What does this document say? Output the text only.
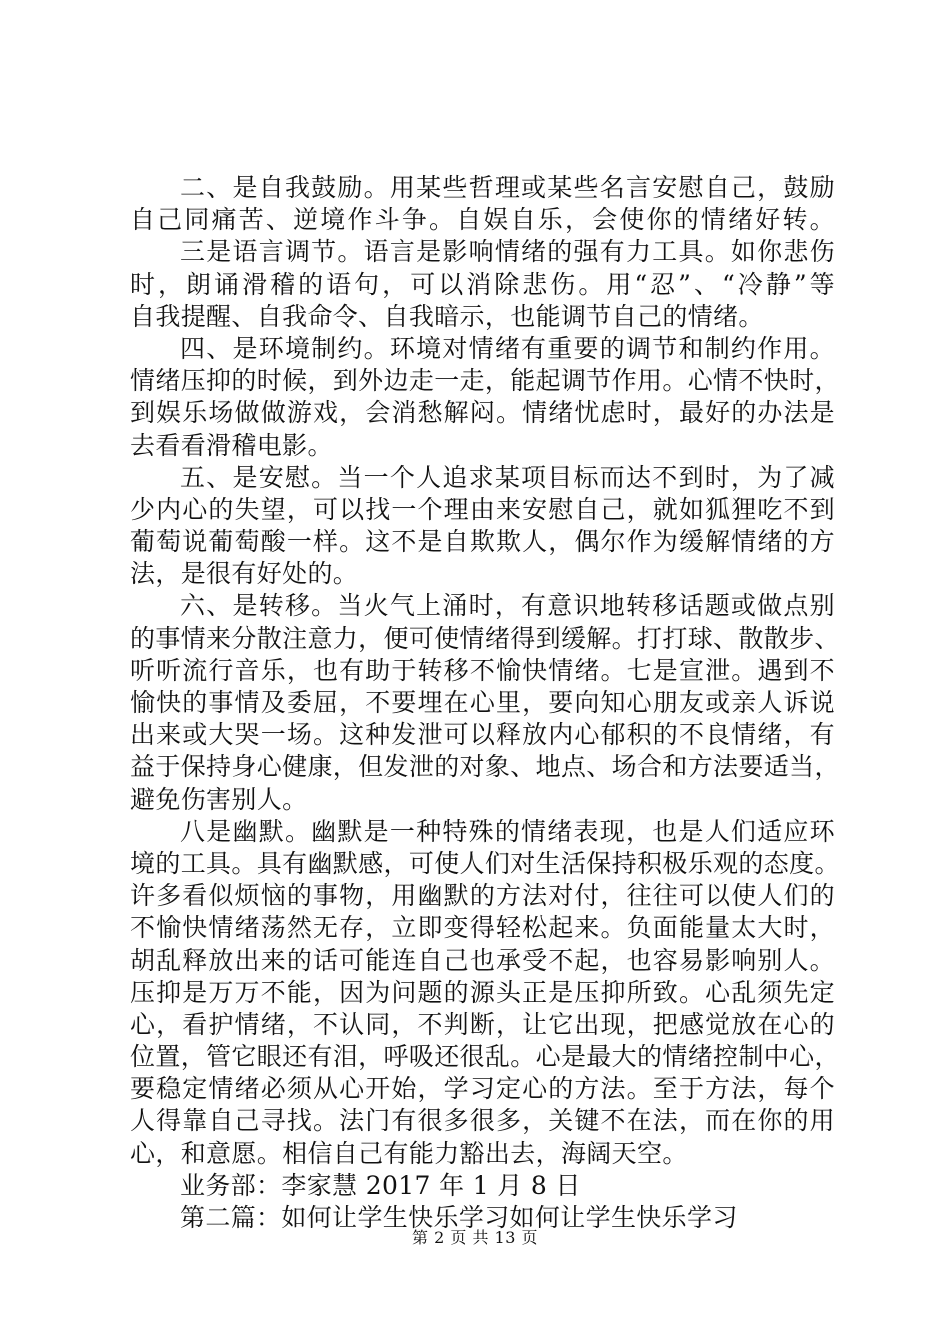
二、是自我鼓励。用某些哲理或某些名言安慰自己，鼓励
自己同痛苦、逆境作斗争。自娱自乐，会使你的情绪好转。
三是语言调节。语言是影响情绪的强有力工具。如你悲伤
时，朗诵滑稽的语句，可以消除悲伤。用“忍”、“冷静”等
自我提醒、自我命令、自我暗示，也能调节自己的情绪。
四、是环境制约。环境对情绪有重要的调节和制约作用。
情绪压抑的时候，到外边走一走，能起调节作用。心情不快时，
到娱乐场做做游戏，会消愁解闷。情绪忧虑时，最好的办法是
去看看滑稽电影。
五、是安慰。当一个人追求某项目标而达不到时，为了减
少内心的失望，可以找一个理由来安慰自己，就如狐狸吃不到
葡萄说葡萄酸一样。这不是自欺欺人，偶尔作为缓解情绪的方
法，是很有好处的。
六、是转移。当火气上涌时，有意识地转移话题或做点别
的事情来分散注意力，便可使情绪得到缓解。打打球、散散步、
听听流行音乐，也有助于转移不愉快情绪。七是宣泄。遇到不
愉快的事情及委屈，不要埋在心里，要向知心朋友或亲人诉说
出来或大哭一场。这种发泄可以释放内心郁积的不良情绪，有
益于保持身心健康，但发泄的对象、地点、场合和方法要适当，
避免伤害别人。
八是幽默。幽默是一种特殊的情绪表现，也是人们适应环
境的工具。具有幽默感，可使人们对生活保持积极乐观的态度。
许多看似烦恼的事物，用幽默的方法对付，往往可以使人们的
不愉快情绪荡然无存，立即变得轻松起来。负面能量太大时，
胡乱释放出来的话可能连自己也承受不起，也容易影响别人。
压抑是万万不能，因为问题的源头正是压抑所致。心乱须先定
心，看护情绪，不认同，不判断，让它出现，把感觉放在心的
位置，管它眼还有泪，呼吸还很乱。心是最大的情绪控制中心，
要稳定情绪必须从心开始，学习定心的方法。至于方法，每个
人得靠自己寻找。法门有很多很多，关键不在法，而在你的用
心，和意愿。相信自己有能力豁出去，海阔天空。
业务部：李家慧 2017 年 1 月 8 日
第二篇：如何让学生快乐学习如何让学生快乐学习
第 2 页 共 13 页
